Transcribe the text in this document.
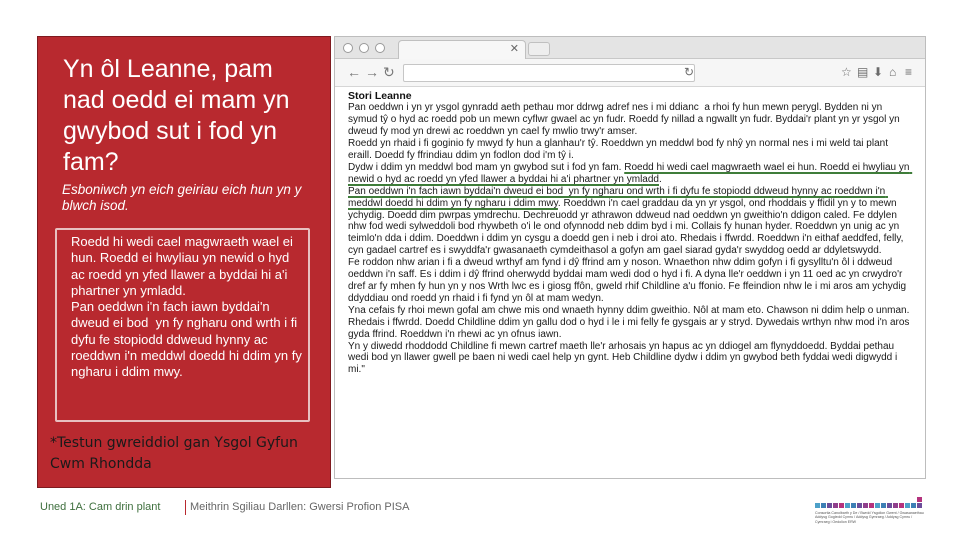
Yn ôl Leanne, pam nad oedd ei mam yn gwybod sut i fod yn fam?
Esboniwch yn eich geiriau eich hun yn y blwch isod.
Roedd hi wedi cael magwraeth wael ei hun. Roedd ei hwyliau yn newid o hyd ac roedd yn yfed llawer a byddai hi a'i phartner yn ymladd.
Pan oeddwn i'n fach iawn byddai'n dweud ei bod  yn fy ngharu ond wrth i fi dyfu fe stopiodd ddweud hynny ac roeddwn i'n meddwl doedd hi ddim yn fy ngharu i ddim mwy.
*Testun gwreiddiol gan Ysgol Gyfun Cwm Rhondda
✕
← → ↻	↻	☆ ▤ ⬇ ⌂ ≡
Stori Leanne
Pan oeddwn i yn yr ysgol gynradd aeth pethau mor ddrwg adref nes i mi ddianc  a rhoi fy hun mewn perygl. Bydden ni yn symud tŷ o hyd ac roedd pob un mewn cyflwr gwael ac yn fudr. Roedd fy nillad a ngwallt yn fudr. Byddai'r plant yn yr ysgol yn dweud fy mod yn drewi ac roeddwn yn cael fy mwlio trwy'r amser.
Roedd yn rhaid i fi goginio fy mwyd fy hun a glanhau'r tŷ. Roeddwn yn meddwl bod fy nhŷ yn normal nes i mi weld tai plant eraill. Doedd fy ffrindiau ddim yn fodlon dod i'm tŷ i.
Dydw i ddim yn meddwl bod mam yn gwybod sut i fod yn fam. Roedd hi wedi cael magwraeth wael ei hun. Roedd ei hwyliau yn newid o hyd ac roedd yn yfed llawer a byddai hi a'i phartner yn ymladd.
Pan oeddwn i'n fach iawn byddai'n dweud ei bod  yn fy ngharu ond wrth i fi dyfu fe stopiodd ddweud hynny ac roeddwn i'n meddwl doedd hi ddim yn fy ngharu i ddim mwy. Roeddwn i'n cael graddau da yn yr ysgol, ond rhoddais y ffidil yn y to mewn ychydig. Doedd dim pwrpas ymdrechu. Dechreuodd yr athrawon ddweud nad oeddwn yn gweithio'n ddigon caled. Fe ddylen nhw fod wedi sylweddoli bod rhywbeth o'i le ond ofynnodd neb ddim byd i mi. Collais fy hunan hyder. Roeddwn yn unig ac yn teimlo'n dda i ddim. Doeddwn i ddim yn cysgu a doedd gen i neb i droi ato. Rhedais i ffwrdd. Roeddwn i'n eithaf aeddfed, felly, cyn gadael cartref es i swyddfa'r gwasanaeth cymdeithasol a gofyn am gael siarad gyda'r swyddog oedd ar ddyletswydd.
Fe roddon nhw arian i fi a dweud wrthyf am fynd i dŷ ffrind am y noson. Wnaethon nhw ddim gofyn i fi gysylltu'n ôl i ddweud oeddwn i'n saff. Es i ddim i dŷ ffrind oherwydd byddai mam wedi dod o hyd i fi. A dyna lle'r oeddwn i yn 11 oed ac yn crwydro'r dref ar fy mhen fy hun yn y nos Wrth lwc es i giosg ffôn, gweld rhif Childline a'u ffonio. Fe ffeindion nhw le i mi aros am ychydig ddyddiau ond roedd yn rhaid i fi fynd yn ôl at mam wedyn.
Yna cefais fy rhoi mewn gofal am chwe mis ond wnaeth hynny ddim gweithio. Nôl at mam eto. Chawson ni ddim help o unman. Rhedais i ffwrdd. Doedd Childline ddim yn gallu dod o hyd i le i mi felly fe gysgais ar y stryd. Dywedais wrthyn nhw mod i'n aros gyda ffrind. Roeddwn i'n rhewi ac yn ofnus iawn.
Yn y diwedd rhoddodd Childline fi mewn cartref maeth lle'r arhosais yn hapus ac yn ddiogel am flynyddoedd. Byddai pethau wedi bod yn llawer gwell pe baen ni wedi cael help yn gynt. Heb Childline dydw i ddim yn gwybod beth fyddai wedi digwydd i mi."
Uned 1A: Cam drin plant	Meithrin Sgiliau Darllen: Gwersi Profion PISA	Consortia Canolbarth y De / Bwrdd Ysgolion Gwent / Gwasanaethau Addysg Gogledd Cymru / Addysg Gymraeg / Addysg Cymru / Cymraeg i Oedolion ERW
